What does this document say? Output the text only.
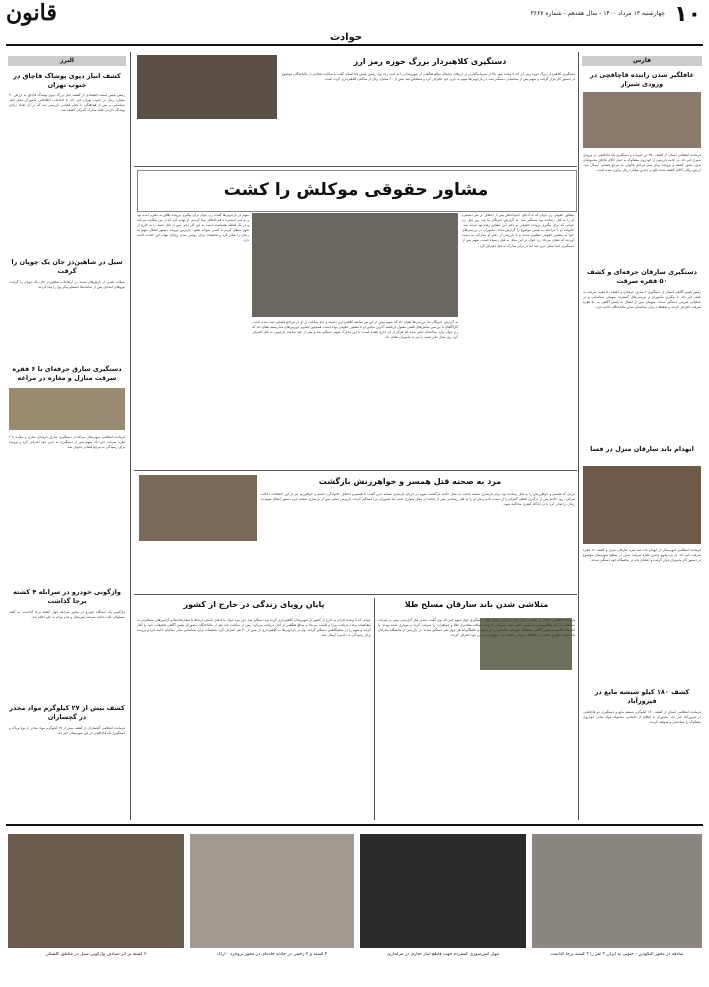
۱۰
چهارشنبه ۱۳ مرداد ۱۴۰۰ - سال هفدهم - شماره ۳۶۶۷
قانون
حوادث
فارس
غافلگیر شدن راننده قاچاقچی در ورودی شیراز
فرمانده انتظامی استان از کشف ۲۵۰ تن حبوبات و دستگیری یک قاچاقچی در ورودی شیراز خبر داد. در ادامه بازرسی از خودروی مشکوک به حمل کالای قاچاق محموله‌ای بدون مجوز کشف و پرونده برای سیر مراحل قانونی به مرجع قضایی ارسال شد. ارزش ریالی کالای کشف شده بالغ بر چندین میلیارد ریال برآورد شده است.
دستگیری سارقان حرفه‌ای و کشف ۵۰ فقره سرقت
رئیس پلیس آگاهی استان از دستگیری ۲ سارق حرفه‌ای و کشف ۵۰ فقره سرقت به عنف خبر داد. با پیگیری ماموران و بررسی‌های گسترده متهمان شناسایی و در عملیاتی ضربتی دستگیر شدند. متهمان پس از انتقال به پلیس آگاهی به ۵۰ فقره سرقت اعتراف کردند و تحقیقات برای شناسایی سایر مالباختگان ادامه دارد.
انهدام باند سارقان منزل در فسا
فرمانده انتظامی شهرستان از انهدام باند سه نفره سارقان منزل و کشف ۱۲ فقره سرقت خبر داد. در پی وقوع چندین فقره سرقت منزل در سطح شهرستان موضوع در دستور کار ماموران قرار گرفت و اعضای باند در مخفیگاه خود دستگیر شدند.
کشف ۱۸۰ کیلو شیشه مایع در فیروزآباد
فرمانده انتظامی استان از کشف ۱۸۰ کیلوگرم شیشه مایع و دستگیری دو قاچاقچی در فیروزآباد خبر داد. ماموران با اطلاع از جابجایی محموله مواد مخدر خودروی مشکوک را شناسایی و متوقف کردند.
البرز
کشف انبار دپوی پوشاک قاچاق در جنوب تهران
رئیس پلیس امنیت اقتصادی از کشف انبار بزرگ دپوی پوشاک قاچاق به ارزش ۳۰ میلیارد ریال در جنوب تهران خبر داد. با اقدامات اطلاعاتی ماموران محل انبار شناسایی و پس از هماهنگی با مقام قضایی بازرسی شد که در آن تعداد زیادی پوشاک خارجی فاقد مدارک گمرکی کشف شد.
سیل در شاهین‌دژ جان یک چوپان را گرفت
سیلاب ناشی از بارش‌های شدید در ارتفاعات شاهین‌دژ جان یک چوپان را گرفت. نیروهای امدادی پس از ساعت‌ها جستجو پیکر وی را پیدا کردند.
دستگیری سارق حرفه‌ای با ۶ فقره سرقت منازل و مغازه در مراغه
فرمانده انتظامی شهرستان مراغه از دستگیری سارق حرفه‌ای منازل و مغازه با ۶ فقره سرقت خبر داد. متهم پس از دستگیری به جرم خود اعتراف کرد و پرونده برای رسیدگی به مرجع قضایی تحویل شد.
واژگونی خودرو در سرابله ۴ کشته برجا گذاشت
واژگونی یک دستگاه خودرو در محور سرابله چهار کشته برجا گذاشت. به گفته مسئولان علت حادثه سرعت غیرمجاز و عدم توجه به جلو اعلام شد.
کشف بیش از ۲۷ کیلوگرم مواد مخدر در گچساران
فرمانده انتظامی گچساران از کشف بیش از ۲۷ کیلوگرم مواد مخدر از نوع تریاک و دستگیری یک قاچاقچی در این شهرستان خبر داد.
دستگیری کلاهبردار بزرگ حوزه رمز ارز
دستگیری کلاهبردار بزرگ حوزه رمز ارز که با وعده سود بالا از سرمایه‌گذاری در ارزهای دیجیتال مبالغ هنگفتی از شهروندان را به جیب زده بود. رئیس پلیس فتا استان گفت با شکایت تعدادی از مالباختگان موضوع در دستور کار قرار گرفت و متهم پس از شناسایی دستگیر شد. در بازجویی‌ها متهم به جرم خود اعتراف کرد و مشخص شد بیش از ۲۰ میلیارد ریال از شاکیان کلاهبرداری کرده است.
مشاور حقوقی موکلش را کشت
مشاور حقوقی زن جوان که به ادعای خانواده‌اش پس از اختلاف بر سر دستمزد او را به قتل رسانده بود دستگیر شد. به گزارش خبرنگار ما چند روز قبل زن جوانی که برای پیگیری پرونده حقوقی به دفتر این مشاور رفته بود ناپدید شد. خانواده او با مراجعه به پلیس موضوع را گزارش دادند. ماموران در بررسی‌های خود به مشاور حقوقی مظنون شدند و با بازرسی از دفتر او مدارکی به دست آوردند که نشان می‌داد زن جوان در این محل به قتل رسیده است. متهم پس از دستگیری ابتدا منکر جرم شد اما در برابر مدارک به قتل اعتراف کرد.
متهم در بازجویی‌ها گفت: زن جوان برای پیگیری پرونده طلاق به دفترم آمده بود و بر سر دستمزد با هم اختلاف پیدا کردیم. او تهدید کرد که از من شکایت می‌کند و در یک لحظه عصبانیت دست به این کار زدم. پس از قتل جسد را به خارج از شهر منتقل کردم تا کسی متوجه نشود. بازپرس پرونده دستور انتقال متهم به زندان را صادر کرد و تحقیقات برای روشن شدن زوایای پنهان این جنایت ادامه دارد.
به گزارش خبرنگار ما، بررسی‌ها نشان داد که متهم پیش از این نیز سابقه کلاهبرداری داشته و چند شکایت از او در مراجع قضایی ثبت شده است. کارآگاهان با بررسی تماس‌های تلفنی مقتول دریافتند آخرین تماس او با مشاور حقوقی بوده است. همچنین تصاویر دوربین‌های مداربسته نشان داد که زن جوان وارد ساختمان دفتر شده اما هرگز از آن خارج نشده است. با این مدارک متهم دستگیر شد و پس از چند ساعت بازجویی به قتل اعتراف کرد. وی محل دفن جسد را نیز به ماموران نشان داد.
مرد به صحنه قتل همسر و خواهرزنش بازگشت
مردی که همسر و خواهرزنش را به قتل رسانده بود برای بازسازی صحنه جنایت به محل حادثه بازگشت. متهم در جریان بازسازی صحنه جرم گفت: با همسرم اختلاف خانوادگی داشتم و خواهرزنم نیز در این اختلافات دخالت می‌کرد. روز حادثه پس از درگیری لفظی کنترلم را از دست دادم و هر دو را به قتل رساندم. پس از جنایت از محل متواری شدم اما ماموران مرا دستگیر کردند. بازپرس جنایی پس از بازسازی صحنه جرم دستور انتقال متهم به زندان را صادر کرد تا در دادگاه کیفری محاکمه شود.
متلاشی شدن باند سارقان مسلح طلا
فرمانده انتظامی استان از متلاشی شدن باند سارقان مسلح طلا و دستگیری چهار متهم خبر داد. وی گفت: چندی قبل گزارشی مبنی بر سرقت مسلحانه از یک طلافروشی به پلیس اعلام شد. سارقان با تهدید اسلحه مقادیری طلا و جواهرات را سرقت کرده و متواری شده بودند. با اقدامات گسترده پلیس آگاهی مخفیگاه متهمان شناسایی و در عملیاتی غافلگیرانه هر چهار نفر دستگیر شدند. در بازرسی از مخفیگاه سارقان یک قبضه سلاح و بخشی از طلاهای سرقتی کشف شد. متهمان به جرم خود اعتراف کردند.
پایان رویای زندگی در خارج از کشور
جوانی که با وعده اعزام به خارج از کشور از شهروندان کلاهبرداری کرده بود دستگیر شد. این مرد جوان با ادعای داشتن ارتباط با سفارتخانه‌ها و آژانس‌های مسافرتی به متقاضیان وعده دریافت ویزا و اقامت می‌داد و مبالغ هنگفتی از آنان دریافت می‌کرد. پس از شکایت چند نفر از مالباختگان ماموران پلیس آگاهی تحقیقات خود را آغاز کردند و متهم را در مخفیگاهش دستگیر کردند. وی در بازجویی‌ها به کلاهبرداری از بیش از ۳۰ نفر اعتراف کرد. تحقیقات برای شناسایی سایر شاکیان ادامه دارد و پرونده برای رسیدگی به دادسرا ارسال شد.
صادقه در محور الیگودرز - جنوبی به ایران ۳ نفر را ۳ کشته برجا گذاشت
مهار آتش‌سوزی گسترده جهت قاطع انبار تجاری در مرغداری
۴ کشته و ۲ زخمی در حادثه جاده‌ای در محور بروجرد - اراک
۲ کشته بر اثر تصادف واژگونی سیل در مناطق گلستان
